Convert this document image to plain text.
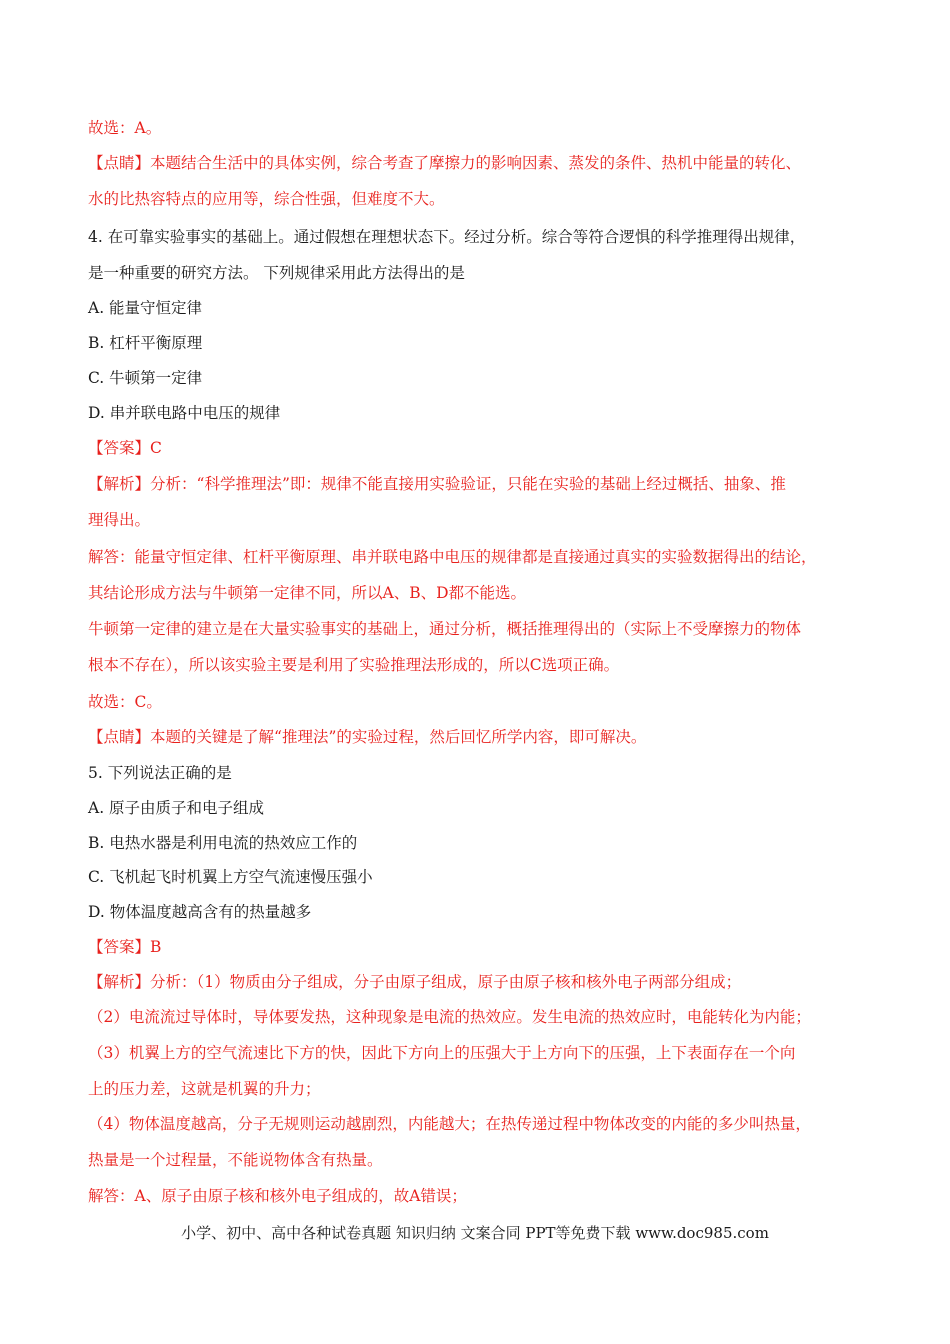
故选：A。
【点睛】本题结合生活中的具体实例，综合考查了摩擦力的影响因素、蒸发的条件、热机中能量的转化、
水的比热容特点的应用等，综合性强，但难度不大。
4. 在可靠实验事实的基础上。通过假想在理想状态下。经过分析。综合等符合逻惧的科学推理得出规律，
是一种重要的研究方法。 下列规律采用此方法得出的是
A. 能量守恒定律
B. 杠杆平衡原理
C. 牛顿第一定律
D. 串并联电路中电压的规律
【答案】C
【解析】分析：“科学推理法”即：规律不能直接用实验验证，只能在实验的基础上经过概括、抽象、推
理得出。
解答：能量守恒定律、杠杆平衡原理、串并联电路中电压的规律都是直接通过真实的实验数据得出的结论，
其结论形成方法与牛顿第一定律不同，所以A、B、D都不能选。
牛顿第一定律的建立是在大量实验事实的基础上，通过分析，概括推理得出的（实际上不受摩擦力的物体
根本不存在），所以该实验主要是利用了实验推理法形成的，所以C选项正确。
故选：C。
【点睛】本题的关键是了解“推理法”的实验过程，然后回忆所学内容，即可解决。
5. 下列说法正确的是
A. 原子由质子和电子组成
B. 电热水器是利用电流的热效应工作的
C. 飞机起飞时机翼上方空气流速慢压强小
D. 物体温度越高含有的热量越多
【答案】B
【解析】分析：（1）物质由分子组成，分子由原子组成，原子由原子核和核外电子两部分组成；
（2）电流流过导体时，导体要发热，这种现象是电流的热效应。发生电流的热效应时，电能转化为内能；
（3）机翼上方的空气流速比下方的快，因此下方向上的压强大于上方向下的压强，上下表面存在一个向
上的压力差，这就是机翼的升力；
（4）物体温度越高，分子无规则运动越剧烈，内能越大；在热传递过程中物体改变的内能的多少叫热量，
热量是一个过程量，不能说物体含有热量。
解答：A、原子由原子核和核外电子组成的，故A错误；
小学、初中、高中各种试卷真题 知识归纳 文案合同 PPT等免费下载 www.doc985.com
